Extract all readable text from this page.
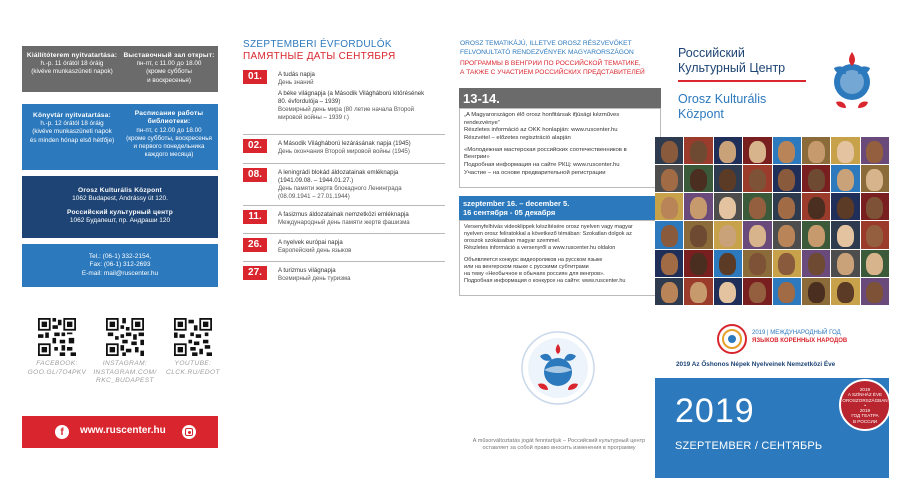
Kiállítóterem nyitvatartása:
h.-p. 11 órától 18 óráig
(kivéve munkaszüneti napok)
Выставочный зал открыт:
пн-пт, с 11.00 до 18.00
(кроме субботы
и воскресенья)
Könyvtár nyitvatartása:
h.-p. 12 órától 18 óráig
(kivéve munkaszüneti napok
és minden hónap első hétfője)
Расписание работы библиотеки:
пн-пт, с 12.00 до 18.00
(кроме субботы, воскресенья
и первого понедельника
каждого месяца)
Orosz Kulturális Központ
1062 Budapest, Andrássy út 120.
Российский культурный центр
1062 Будапешт, пр. Андраши 120
Tel.: (06-1) 332-2154,
Fax: (06-1) 312-2693
E-mail: mail@ruscenter.hu
FACEBOOK:
GOO.GL/7O4PKV
INSTAGRAM:
INSTAGRAM.COM/
RKC_BUDAPEST
YOUTUBE:
CLCK.RU/EDOT
f	www.ruscenter.hu
SZEPTEMBERI ÉVFORDULÓK
ПАМЯТНЫЕ ДАТЫ СЕНТЯБРЯ
01.	A tudás napja
День знаний
A béke világnapja (a Második Világháború kitörésének
80. évfordulója – 1939)
Всемирный день мира (80 летие начала Второй
мировой войны – 1939 г.)
02.	A Második Világháború lezárásának napja (1945)
День окончания Второй мировой войны (1945)
08.	A leningrádi blokád áldozatainak emléknapja
(1941.09.08. – 1944.01.27.)
День памяти жертв блокадного Ленинграда
(08.09.1941 – 27.01.1944)
11.	A fasizmus áldozatainak nemzetközi emléknapja
Международный день памяти жертв фашизма
26.	A nyelvek európai napja
Европейский день языков
27.	A turizmus világnapja
Всемирный день туризма
OROSZ TEMATIKÁJÚ, ILLETVE OROSZ RÉSZVEVŐKET
FELVONULTATÓ RENDEZVÉNYEK MAGYARORSZÁGON
ПРОГРАММЫ В ВЕНГРИИ ПО РОССИЙСКОЙ ТЕМАТИКЕ,
А ТАКЖЕ С УЧАСТИЕМ РОССИЙСКИХ ПРЕДСТАВИТЕЛЕЙ
13-14.
„A Magyarországon élő orosz honfitársak ifjúsági kézműves
rendezvénye”
Részletes információ az OKK honlapján: www.ruscenter.hu
Részvétel – előzetes regisztráció alapján
«Молодежная мастерская российских соотечественников в
Венгрии»
Подробная информация на сайте РКЦ: www.ruscenter.hu
Участие – на основе предварительной регистрации
szeptember 16. – december 5.
16 сентября - 05 декабря
Versenyfelhívás videoklippek készítésére orosz nyelven vagy magyar
nyelven orosz feliratokkal a következő témában: Szokatlan dolgok az
oroszok szokásaiban magyar szemmel.
Részletes információ a versenyről a www.ruscenter.hu oldalon
Объявляется конкурс видеороликов на русском языке
или на венгерском языке с русскими субтитрами
на тему «Необычное в обычаях россиян для венгров».
Подробная информация о конкурсе на сайте: www.ruscenter.hu
A műsorváltoztatás jogát fenntartjuk – Российский культурный центр
оставляет за собой право вносить изменения в программу
Российский
Культурный Центр
Orosz Kulturális
Központ
2019 | МЕЖДУНАРОДНЫЙ ГОД
ЯЗЫКОВ КОРЕННЫХ НАРОДОВ
2019 Az Őshonos Népek Nyelveinek Nemzetközi Éve
2019
SZEPTEMBER / СЕНТЯБРЬ
2019
A SZÍNHÁZ ÉVE
OROSZORSZÁGBAN
•
2019
ГОД ТЕАТРА
В РОССИИ
